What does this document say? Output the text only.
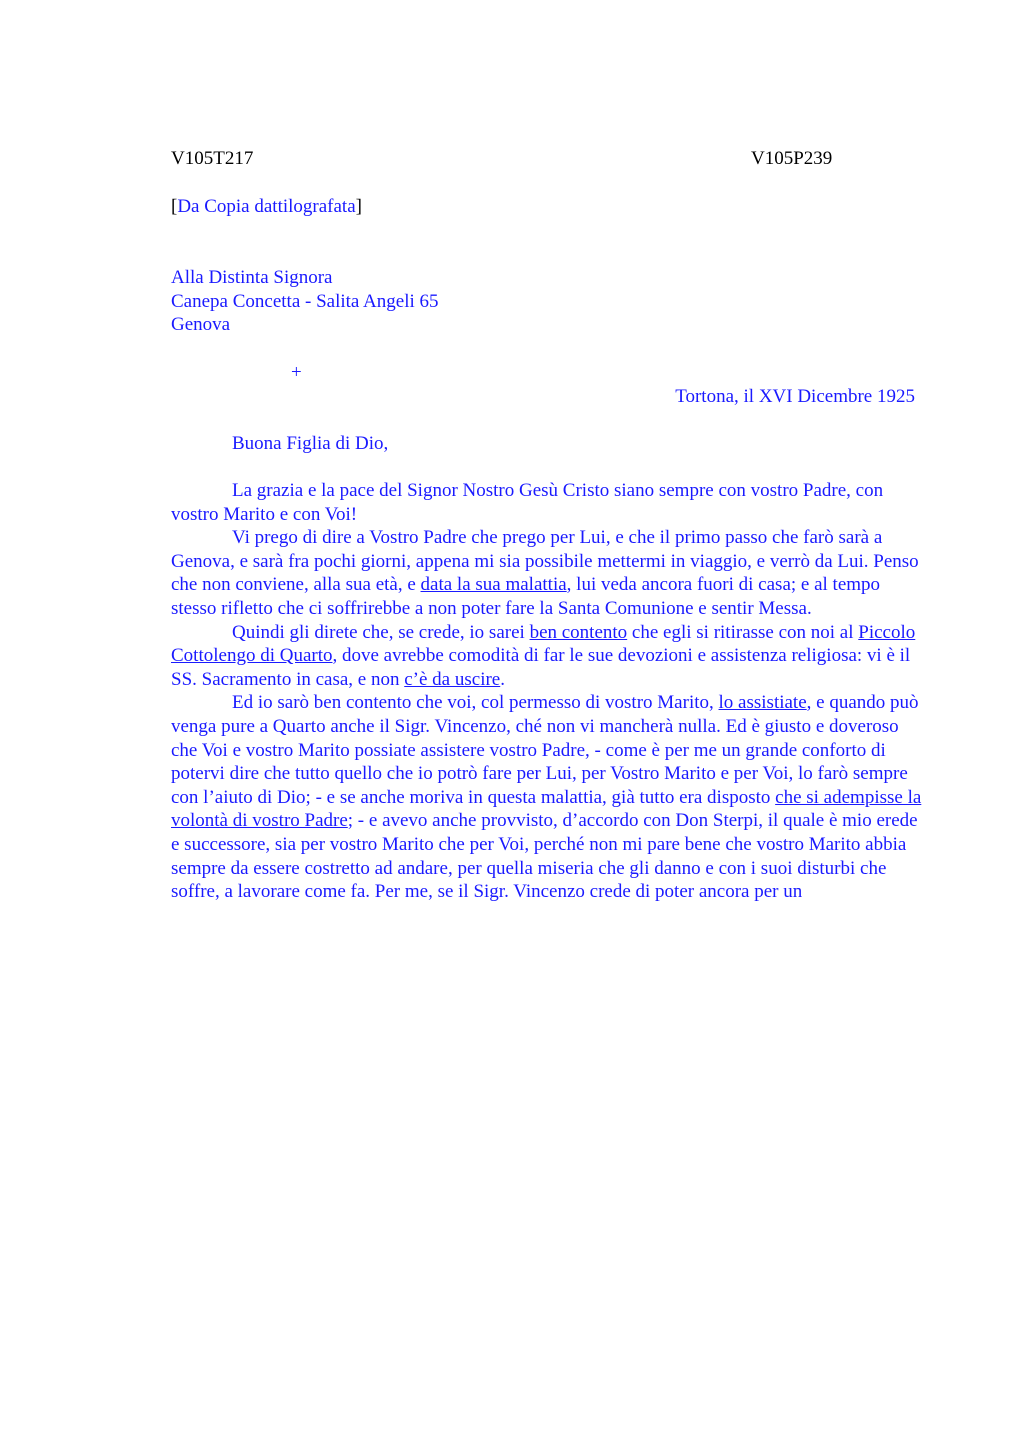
V105T217	V105P239
[Da Copia dattilografata]
Alla Distinta Signora
Canepa Concetta - Salita Angeli 65
Genova
+
Tortona, il XVI Dicembre 1925
Buona Figlia di Dio,

La grazia e la pace del Signor Nostro Gesù Cristo siano sempre con vostro Padre, con vostro Marito e con Voi!

Vi prego di dire a Vostro Padre che prego per Lui, e che il primo passo che farò sarà a Genova, e sarà fra pochi giorni, appena mi sia possibile mettermi in viaggio, e verrò da Lui. Penso che non conviene, alla sua età, e data la sua malattia, lui veda ancora fuori di casa; e al tempo stesso rifletto che ci soffrirebbe a non poter fare la Santa Comunione e sentir Messa.

Quindi gli direte che, se crede, io sarei ben contento che egli si ritirasse con noi al Piccolo Cottolengo di Quarto, dove avrebbe comodità di far le sue devozioni e assistenza religiosa: vi è il SS. Sacramento in casa, e non c’è da uscire.

Ed io sarò ben contento che voi, col permesso di vostro Marito, lo assistiate, e quando può venga pure a Quarto anche il Sigr. Vincenzo, ché non vi mancherà nulla. Ed è giusto e doveroso che Voi e vostro Marito possiate assistere vostro Padre, - come è per me un grande conforto di potervi dire che tutto quello che io potrò fare per Lui, per Vostro Marito e per Voi, lo farò sempre con l’aiuto di Dio; - e se anche moriva in questa malattia, già tutto era disposto che si adempisse la volontà di vostro Padre; - e avevo anche provvisto, d’accordo con Don Sterpi, il quale è mio erede e successore, sia per vostro Marito che per Voi, perché non mi pare bene che vostro Marito abbia sempre da essere costretto ad andare, per quella miseria che gli danno e con i suoi disturbi che soffre, a lavorare come fa. Per me, se il Sigr. Vincenzo crede di poter ancora per un
